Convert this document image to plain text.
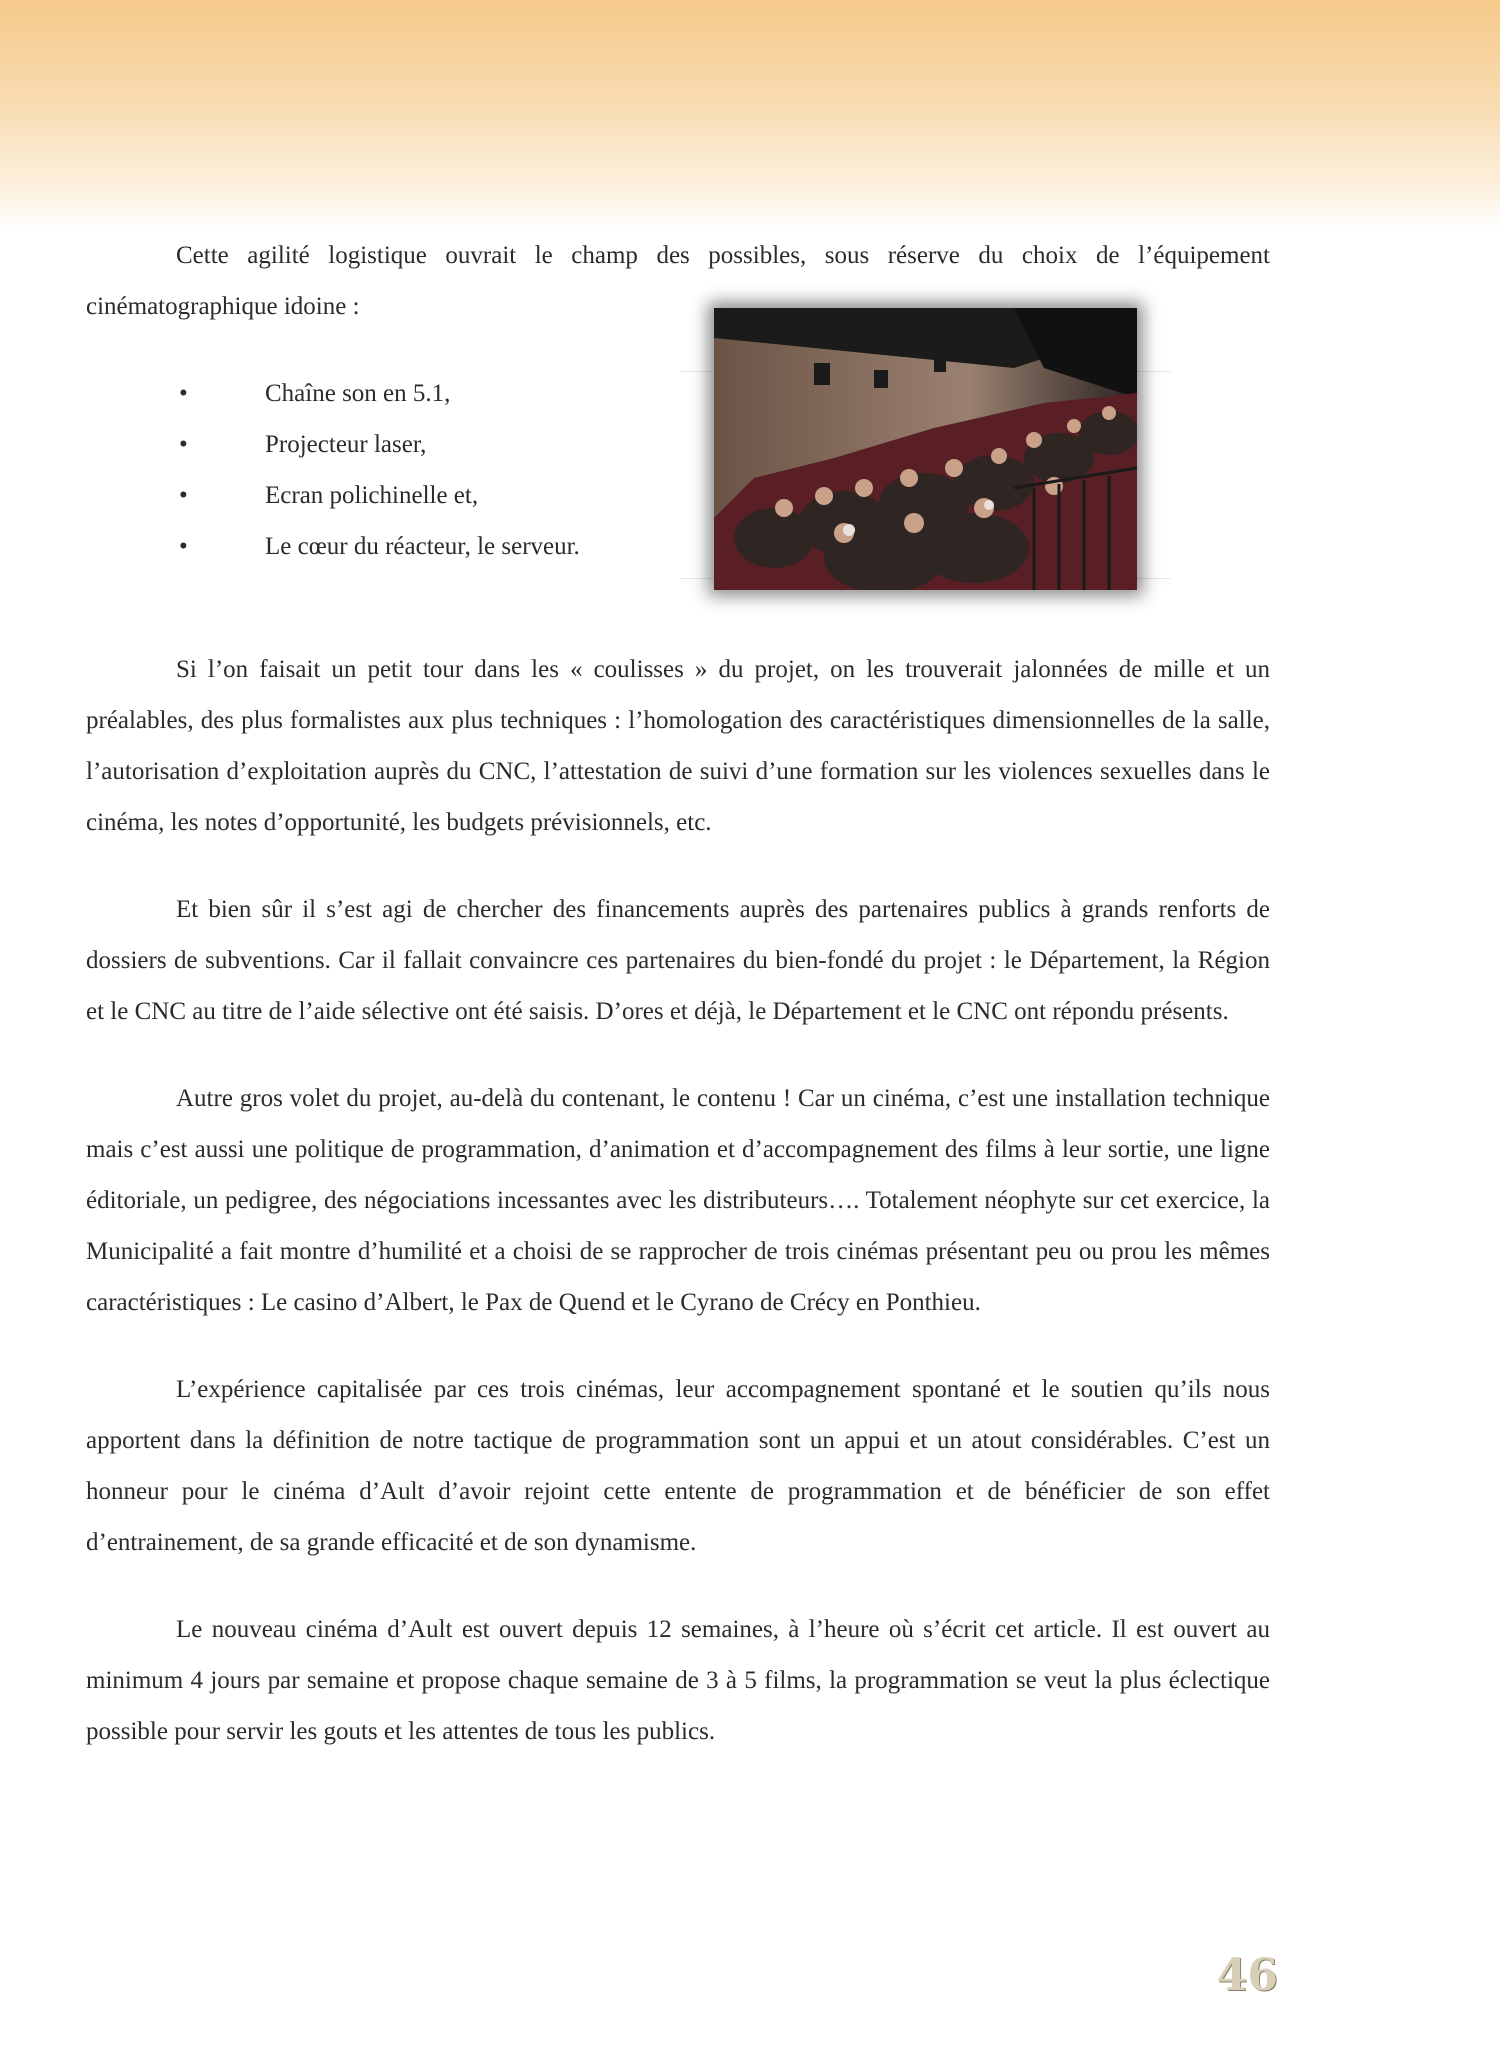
Cette agilité logistique ouvrait le champ des possibles, sous réserve du choix de l’équipement cinématographique idoine :

•	Chaîne son en 5.1,
•	Projecteur laser,
•	Ecran polichinelle et,
•	Le cœur du réacteur, le serveur.

Si l’on faisait un petit tour dans les « coulisses » du projet, on les trouverait jalonnées de mille et un préalables, des plus formalistes aux plus techniques : l’homologation des caractéristiques dimensionnelles de la salle, l’autorisation d’exploitation auprès du CNC, l’attestation de suivi d’une formation sur les violences sexuelles dans le cinéma, les notes d’opportunité, les budgets prévisionnels, etc.

Et bien sûr il s’est agi de chercher des financements auprès des partenaires publics à grands renforts de dossiers de subventions. Car il fallait convaincre ces partenaires du bien-fondé du projet : le Département, la Région et le CNC au titre de l’aide sélective ont été saisis. D’ores et déjà, le Département et le CNC ont répondu présents.

Autre gros volet du projet, au-delà du contenant, le contenu ! Car un cinéma, c’est une installation technique mais c’est aussi une politique de programmation, d’animation et d’accompagnement des films à leur sortie, une ligne éditoriale, un pedigree, des négociations incessantes avec les distributeurs…. Totalement néophyte sur cet exercice, la Municipalité a fait montre d’humilité et a choisi de se rapprocher de trois cinémas présentant peu ou prou les mêmes caractéristiques : Le casino d’Albert, le Pax de Quend et le Cyrano de Crécy en Ponthieu.

L’expérience capitalisée par ces trois cinémas, leur accompagnement spontané et le soutien qu’ils nous apportent dans la définition de notre tactique de programmation sont un appui et un atout considérables. C’est un honneur pour le cinéma d’Ault d’avoir rejoint cette entente de programmation et de bénéficier de son effet d’entrainement, de sa grande efficacité et de son dynamisme.

Le nouveau cinéma d’Ault est ouvert depuis 12 semaines, à l’heure où s’écrit cet article. Il est ouvert au minimum 4 jours par semaine et propose chaque semaine de 3 à 5 films, la programmation se veut la plus éclectique possible pour servir les gouts et les attentes de tous les publics.

46
